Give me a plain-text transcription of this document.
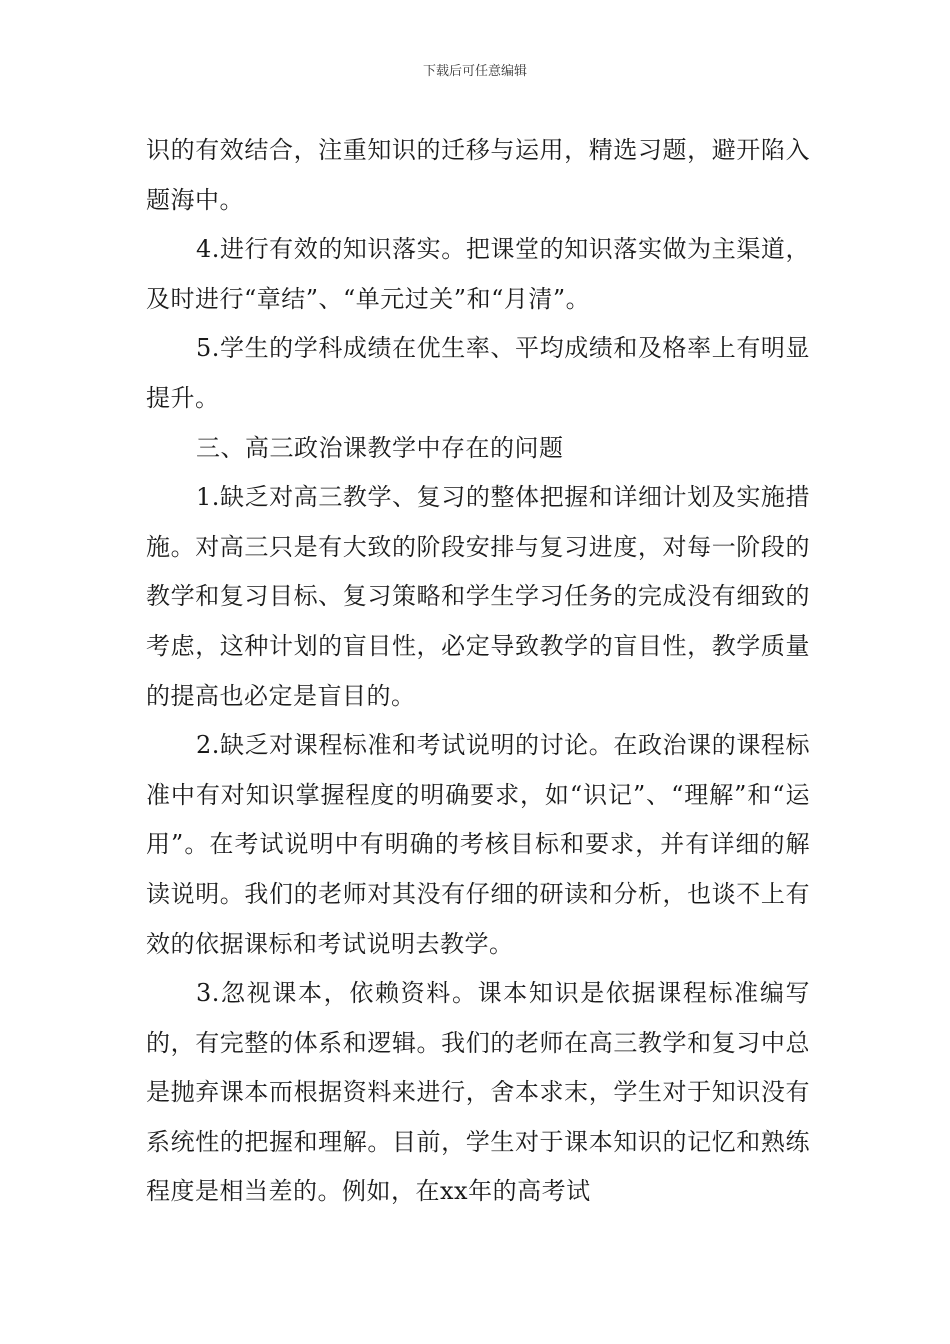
下载后可任意编辑

识的有效结合，注重知识的迁移与运用，精选习题，避开陷入题海中。

4.进行有效的知识落实。把课堂的知识落实做为主渠道，及时进行“章结”、“单元过关”和“月清”。

5.学生的学科成绩在优生率、平均成绩和及格率上有明显提升。

三、高三政治课教学中存在的问题

1.缺乏对高三教学、复习的整体把握和详细计划及实施措施。对高三只是有大致的阶段安排与复习进度，对每一阶段的教学和复习目标、复习策略和学生学习任务的完成没有细致的考虑，这种计划的盲目性，必定导致教学的盲目性，教学质量的提高也必定是盲目的。

2.缺乏对课程标准和考试说明的讨论。在政治课的课程标准中有对知识掌握程度的明确要求，如“识记”、“理解”和“运用”。在考试说明中有明确的考核目标和要求，并有详细的解读说明。我们的老师对其没有仔细的研读和分析，也谈不上有效的依据课标和考试说明去教学。

3.忽视课本，依赖资料。课本知识是依据课程标准编写的，有完整的体系和逻辑。我们的老师在高三教学和复习中总是抛弃课本而根据资料来进行，舍本求末，学生对于知识没有系统性的把握和理解。目前，学生对于课本知识的记忆和熟练程度是相当差的。例如，在xx年的高考试
